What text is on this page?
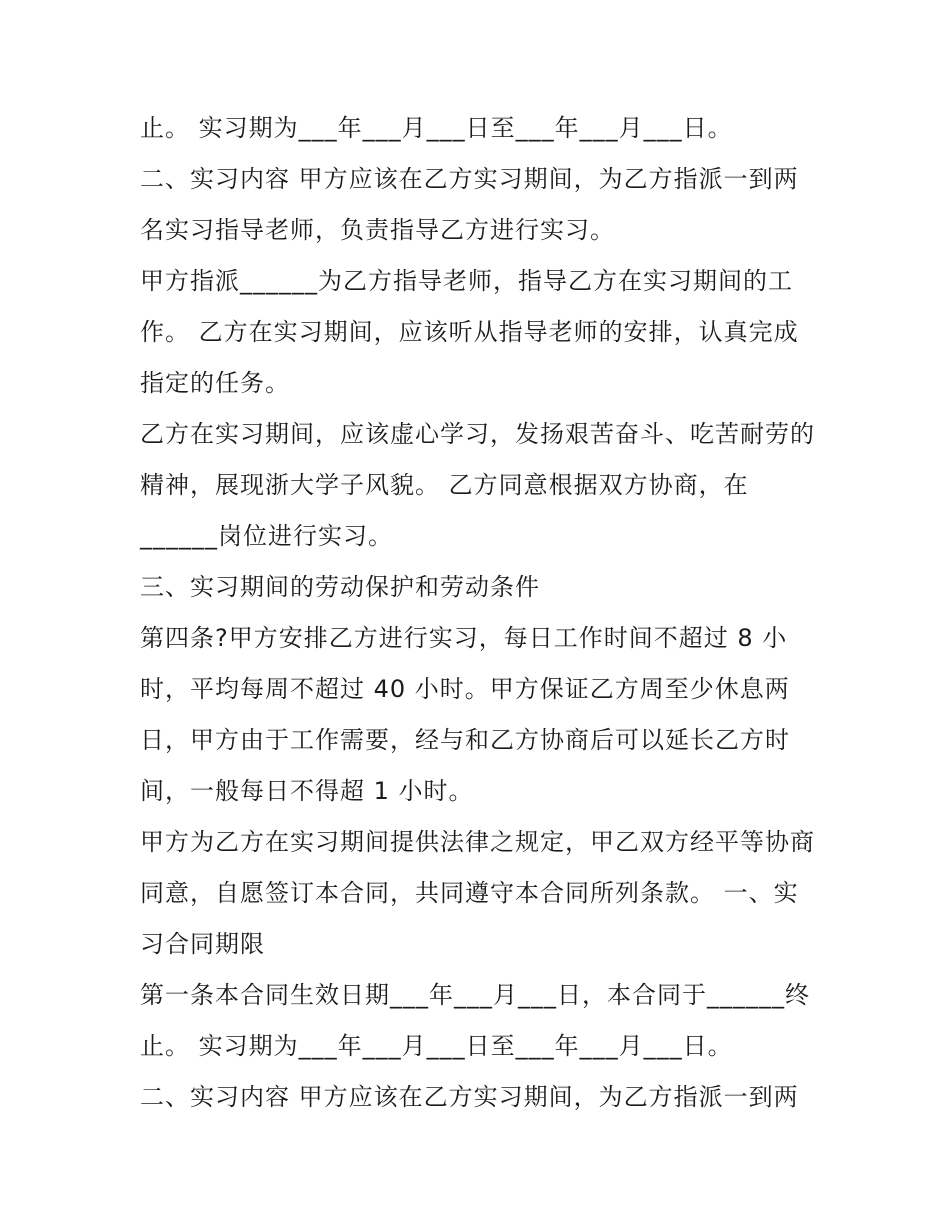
止。 实习期为___年___月___日至___年___月___日。
二、实习内容 甲方应该在乙方实习期间，为乙方指派一到两
名实习指导老师，负责指导乙方进行实习。
甲方指派______为乙方指导老师，指导乙方在实习期间的工
作。 乙方在实习期间，应该听从指导老师的安排，认真完成
指定的任务。
乙方在实习期间，应该虚心学习，发扬艰苦奋斗、吃苦耐劳的
精神，展现浙大学子风貌。 乙方同意根据双方协商，在
______岗位进行实习。
三、实习期间的劳动保护和劳动条件
第四条?甲方安排乙方进行实习，每日工作时间不超过 8 小
时，平均每周不超过 40 小时。甲方保证乙方周至少休息两
日，甲方由于工作需要，经与和乙方协商后可以延长乙方时
间，一般每日不得超 1 小时。
甲方为乙方在实习期间提供法律之规定，甲乙双方经平等协商
同意，自愿签订本合同，共同遵守本合同所列条款。 一、实
习合同期限
第一条本合同生效日期___年___月___日，本合同于______终
止。 实习期为___年___月___日至___年___月___日。
二、实习内容 甲方应该在乙方实习期间，为乙方指派一到两
